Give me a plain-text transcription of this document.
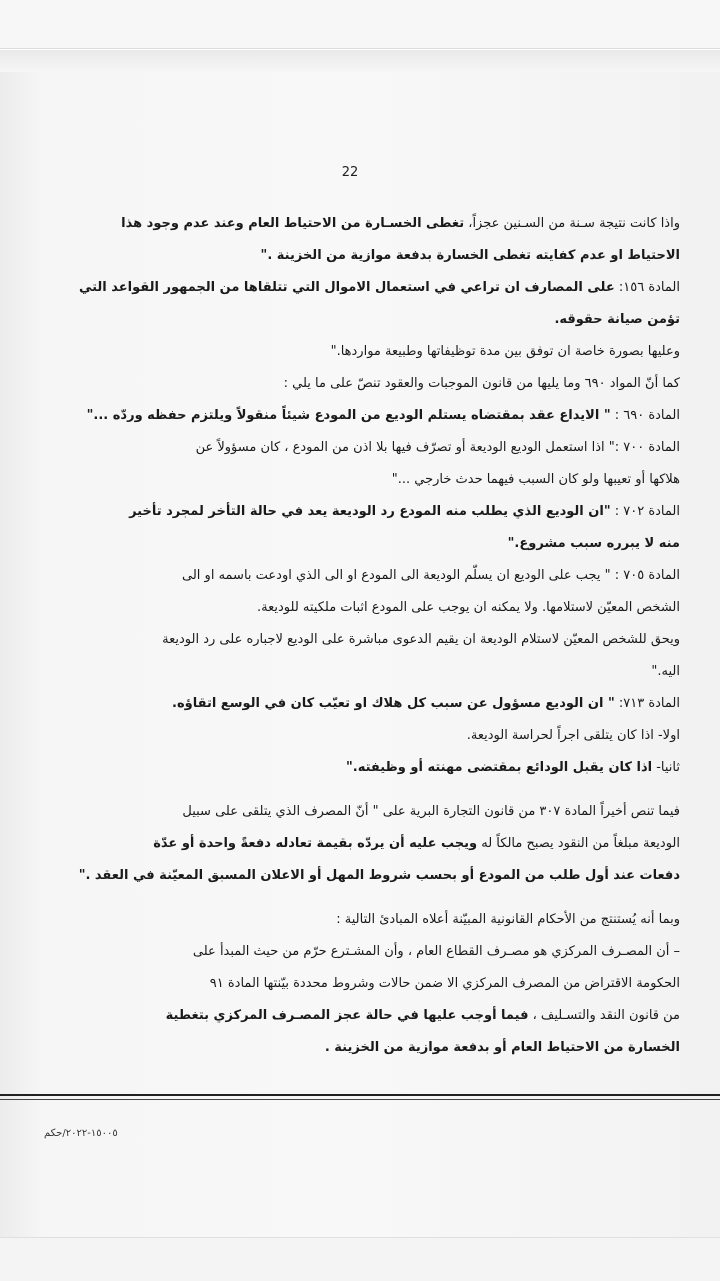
22
واذا كانت نتيجة سـنة من السـنين عجزاً، تغطى الخسـارة من الاحتياط العام وعند عدم وجود هذا
الاحتياط او عدم كفايته تغطى الخسارة بدفعة موازية من الخزينة ."
المادة ١٥٦: على المصارف ان تراعي في استعمال الاموال التي تتلقاها من الجمهور القواعد التي
تؤمن صيانة حقوقه.
وعليها بصورة خاصة ان توفق بين مدة توظيفاتها وطبيعة مواردها."
كما أنّ المواد ٦٩٠ وما يليها من قانون الموجبات والعقود تنصّ على ما يلي :
المادة ٦٩٠ : " الايداع عقد بمقتضاه يستلم الوديع من المودع شيئاً منقولاً ويلتزم حفظه وردّه ..."
المادة ٧٠٠ :" اذا استعمل الوديع الوديعة أو تصرّف فيها بلا اذن من المودع ، كان مسؤولاً عن
هلاكها أو تعيبها ولو كان السبب فيهما حدث خارجي ..."
المادة ٧٠٢ : "ان الوديع الذي يطلب منه المودع رد الوديعة يعد في حالة التأخر لمجرد تأخير
منه لا يبرره سبب مشروع."
المادة ٧٠٥ : " يجب على الوديع ان يسلّم الوديعة الى المودع او الى الذي اودعت باسمه او الى
الشخص المعيّن لاستلامها. ولا يمكنه ان يوجب على المودع اثبات ملكيته للوديعة.
ويحق للشخص المعيّن لاستلام الوديعة ان يقيم الدعوى مباشرة على الوديع لاجباره على رد الوديعة
اليه."
المادة ٧١٣: " ان الوديع مسؤول عن سبب كل هلاك او تعيّب كان في الوسع اتقاؤه.
اولا- اذا كان يتلقى اجراً لحراسة الوديعة.
ثانيا- اذا كان يقبل الودائع بمقتضى مهنته أو وظيفته."
فيما تنص أخيراً المادة ٣٠٧ من قانون التجارة البرية على " أنّ المصرف الذي يتلقى على سبيل
الوديعة مبلغاً من النقود يصبح مالكاً له ويجب عليه أن يردّه بقيمة تعادله دفعةً واحدة أو عدّة
دفعات عند أول طلب من المودع أو بحسب شروط المهل أو الاعلان المسبق المعيّنة في العقد ."
وبما أنه يُستنتج من الأحكام القانونية المبيّنة أعلاه المبادئ التالية :
– أن المصـرف المركزي هو مصـرف القطاع العام ، وأن المشـترع حرّم من حيث المبدأ على
الحكومة الاقتراض من المصرف المركزي الا ضمن حالات وشروط محددة بيّنتها المادة ٩١
من قانون النقد والتسـليف ، فيما أوجب عليها في حالة عجز المصـرف المركزي بتغطية
الخسارة من الاحتياط العام أو بدفعة موازية من الخزينة .
١٥٠٠٥-٢٠٢٢/حكم
